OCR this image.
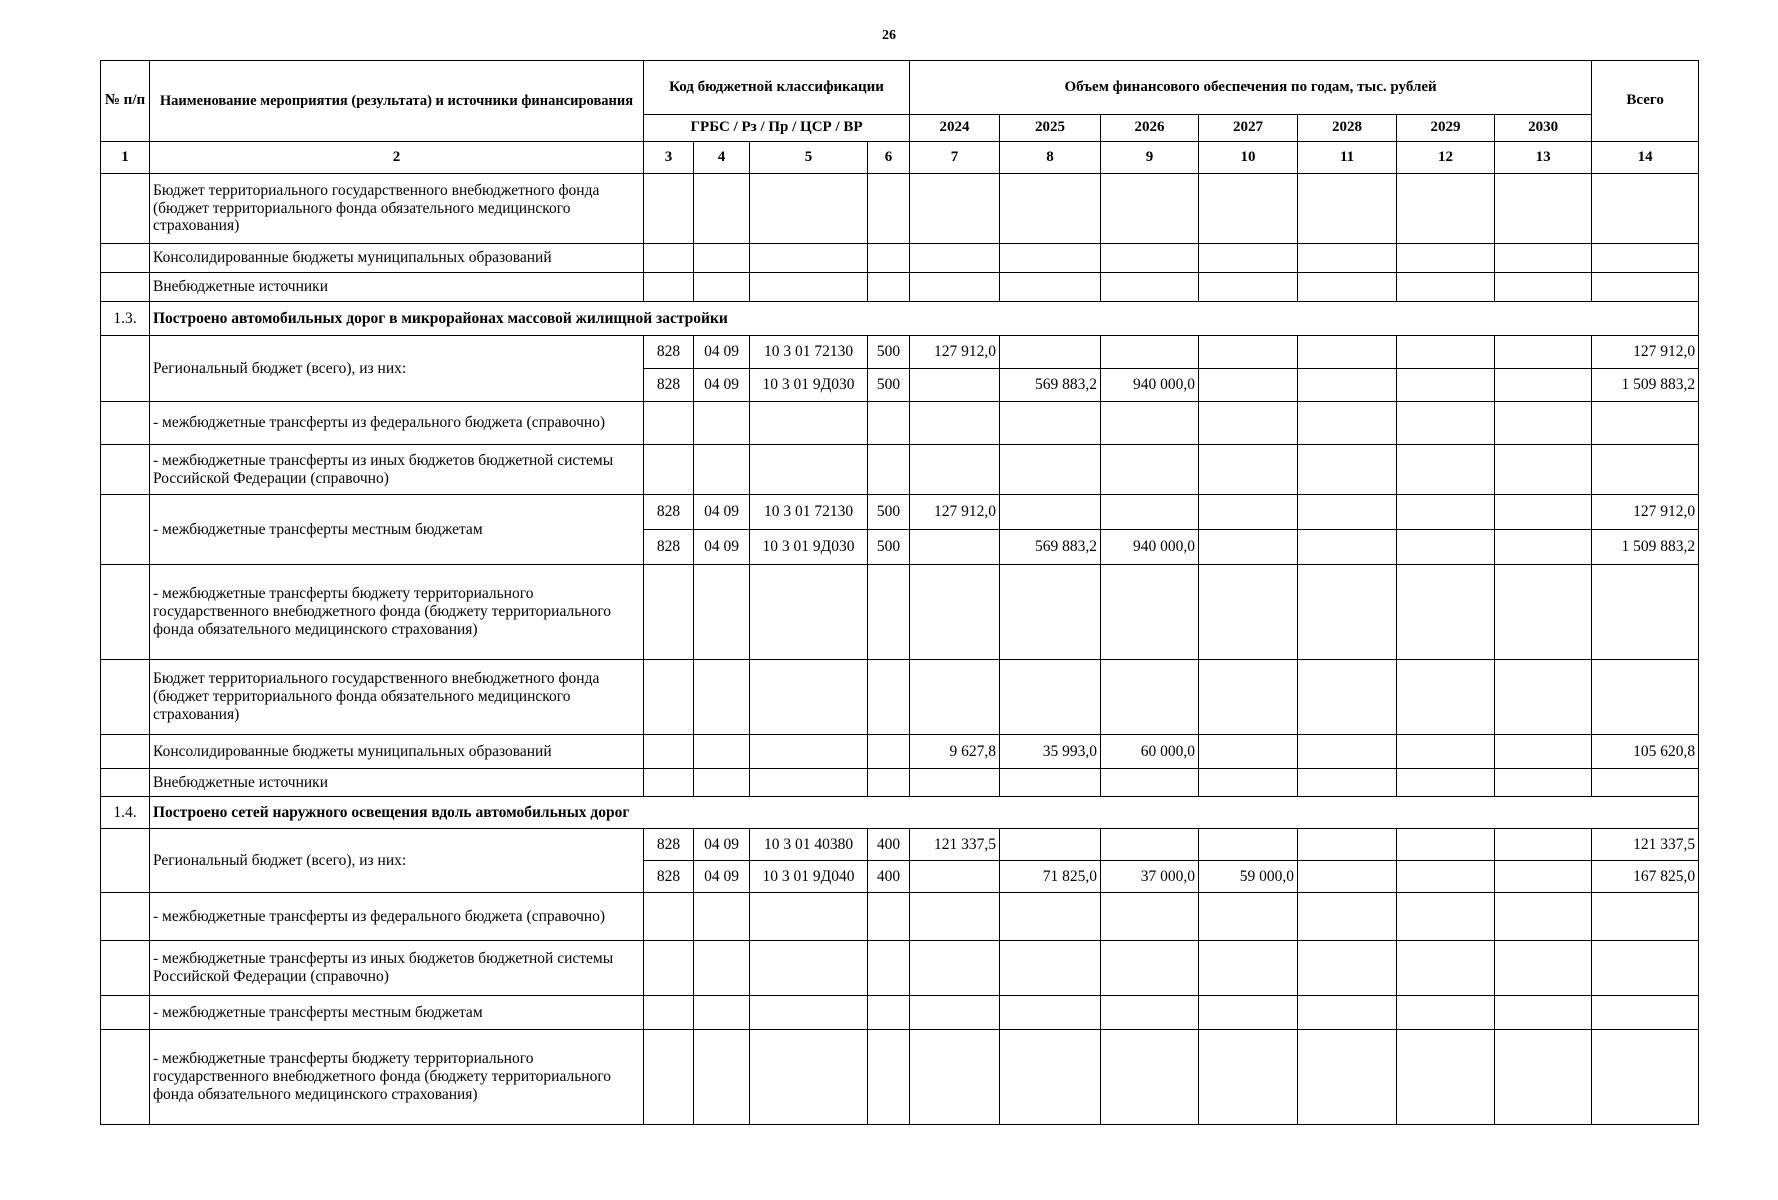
26
№ п/п	Наименование мероприятия (результата) и источники финансирования	Код бюджетной классификации				Объем финансового обеспечения по годам, тыс. рублей							Всего
		ГРБС / Рз / Пр / ЦСР / ВР				2024	2025	2026	2027	2028	2029	2030	
1	2	3	4	5	6	7	8	9	10	11	12	13	14
	Бюджет территориального государственного внебюджетного фонда (бюджет территориального фонда обязательного медицинского страхования)												
	Консолидированные бюджеты муниципальных образований												
	Внебюджетные источники												
1.3.	Построено автомобильных дорог в микрорайонах массовой жилищной застройки												
	Региональный бюджет (всего), из них:	828	04 09	10 3 01 72130	500	127 912,0							127 912,0
		828	04 09	10 3 01 9Д030	500		569 883,2	940 000,0					1 509 883,2
	- межбюджетные трансферты из федерального бюджета (справочно)												
	- межбюджетные трансферты из иных бюджетов бюджетной системы Российской Федерации (справочно)												
	- межбюджетные трансферты местным бюджетам	828	04 09	10 3 01 72130	500	127 912,0							127 912,0
		828	04 09	10 3 01 9Д030	500		569 883,2	940 000,0					1 509 883,2
	- межбюджетные трансферты бюджету территориального государственного внебюджетного фонда (бюджету территориального фонда обязательного медицинского страхования)												
	Бюджет территориального государственного внебюджетного фонда (бюджет территориального фонда обязательного медицинского страхования)												
	Консолидированные бюджеты муниципальных образований					9 627,8	35 993,0	60 000,0					105 620,8
	Внебюджетные источники												
1.4.	Построено сетей наружного освещения вдоль автомобильных дорог												
	Региональный бюджет (всего), из них:	828	04 09	10 3 01 40380	400	121 337,5							121 337,5
		828	04 09	10 3 01 9Д040	400		71 825,0	37 000,0	59 000,0				167 825,0
	- межбюджетные трансферты из федерального бюджета (справочно)												
	- межбюджетные трансферты из иных бюджетов бюджетной системы Российской Федерации (справочно)												
	- межбюджетные трансферты местным бюджетам												
	- межбюджетные трансферты бюджету территориального государственного внебюджетного фонда (бюджету территориального фонда обязательного медицинского страхования)												
